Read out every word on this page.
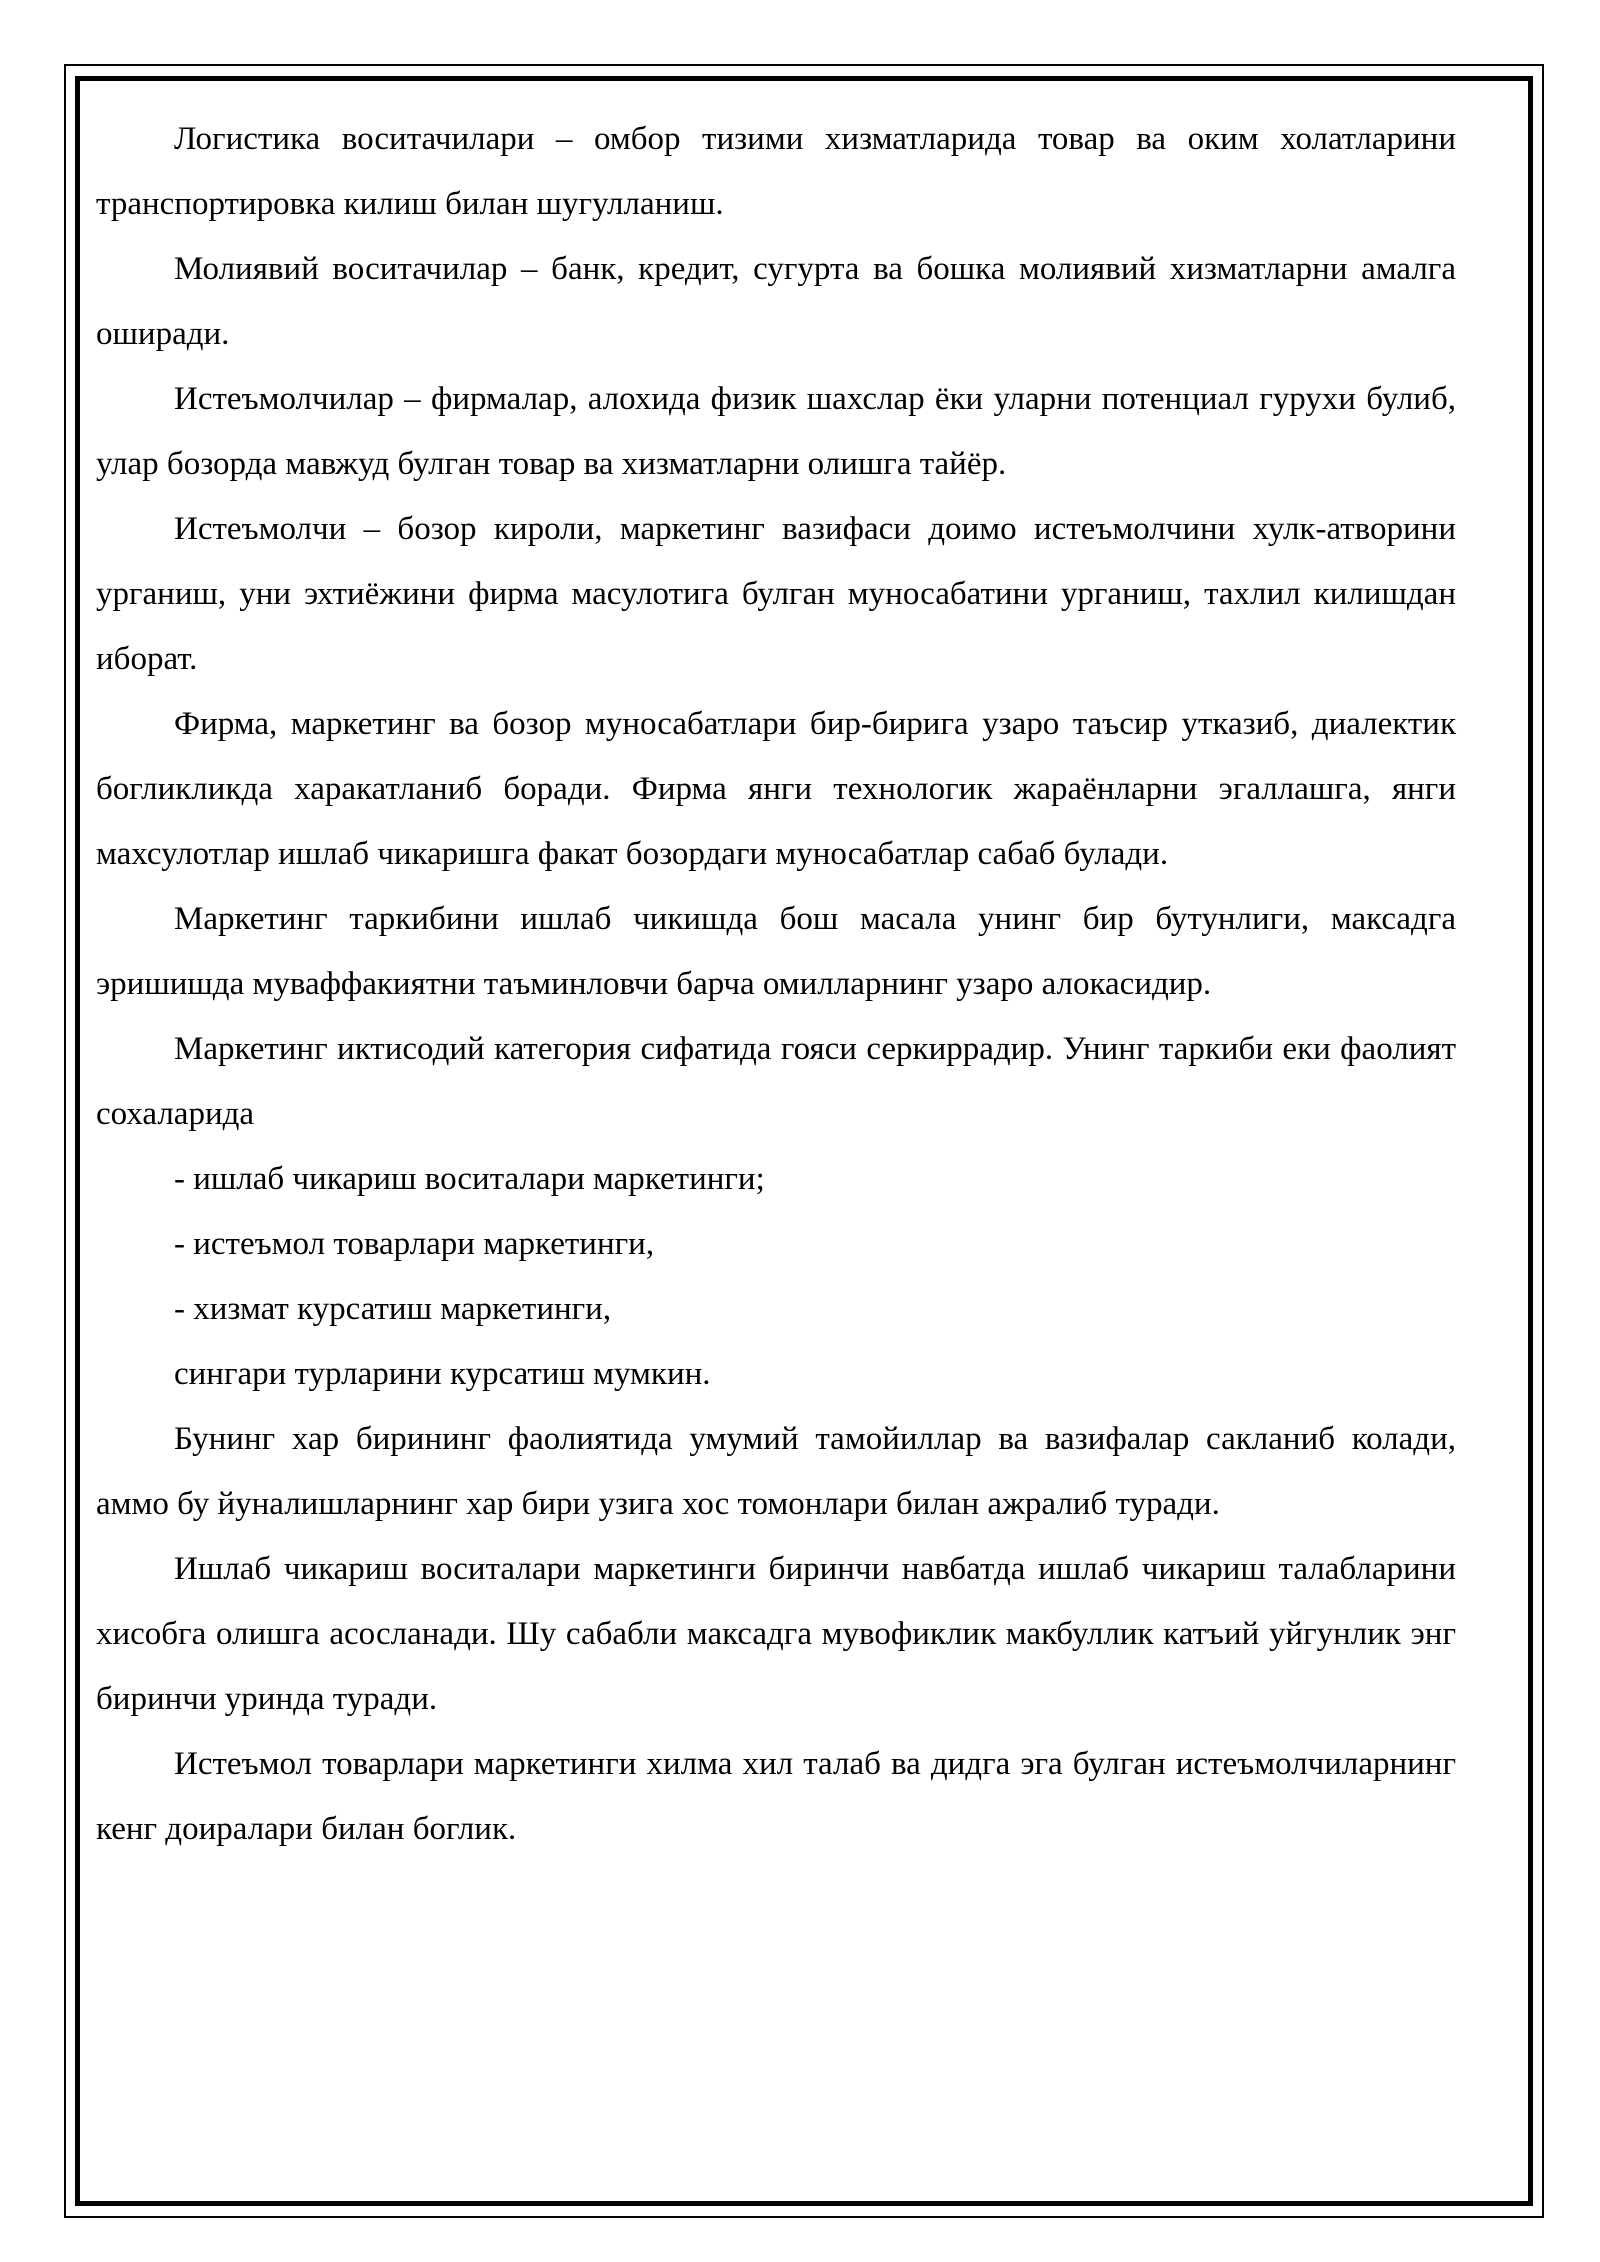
Логистика воситачилари – омбор тизими хизматларида товар ва оким холатларини транспортировка килиш билан шугулланиш.

Молиявий воситачилар – банк, кредит, сугурта ва бошка молиявий хизматларни амалга оширади.

Истеъмолчилар – фирмалар, алохида физик шахслар ёки уларни потенциал гурухи булиб, улар бозорда мавжуд булган товар ва хизматларни олишга тайёр.

Истеъмолчи – бозор кироли, маркетинг вазифаси доимо истеъмолчини хулк-атворини урганиш, уни эхтиёжини фирма масулотига булган муносабатини урганиш, тахлил килишдан иборат.

Фирма, маркетинг ва бозор муносабатлари бир-бирига узаро таъсир утказиб, диалектик богликликда харакатланиб боради. Фирма янги технологик жараёнларни эгаллашга, янги махсулотлар ишлаб чикаришга факат бозордаги муносабатлар сабаб булади.

Маркетинг таркибини ишлаб чикишда бош масала унинг бир бутунлиги, максадга эришишда муваффакиятни таъминловчи барча омилларнинг узаро алокасидир.

Маркетинг иктисодий категория сифатида гояси серкиррадир. Унинг таркиби еки фаолият сохаларида

- ишлаб чикариш воситалари маркетинги;

- истеъмол товарлари маркетинги,

- хизмат курсатиш маркетинги,

сингари турларини курсатиш мумкин.

Бунинг хар бирининг фаолиятида умумий тамойиллар ва вазифалар сакланиб колади, аммо бу йуналишларнинг хар бири узига хос томонлари билан ажралиб туради.

Ишлаб чикариш воситалари маркетинги биринчи навбатда ишлаб чикариш талабларини хисобга олишга асосланади. Шу сабабли максадга мувофиклик макбуллик катъий уйгунлик энг биринчи уринда туради.

Истеъмол товарлари маркетинги хилма хил талаб ва дидга эга булган истеъмолчиларнинг кенг доиралари билан боглик.
